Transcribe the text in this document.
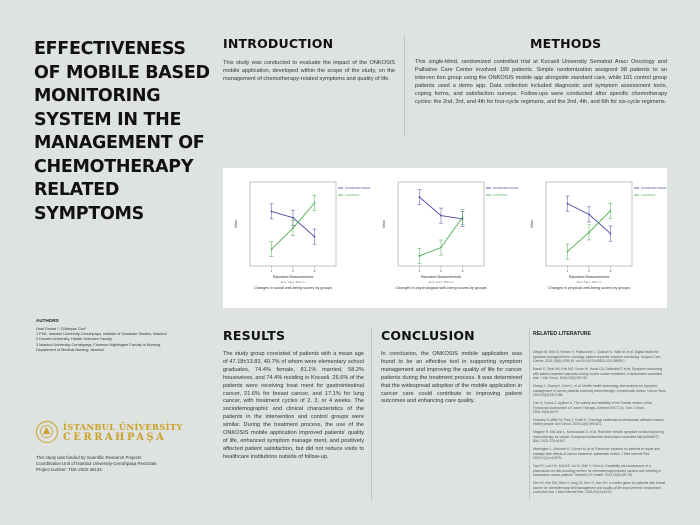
EFFECTIVENESS
OF MOBILE BASED
MONITORING
SYSTEM IN THE
MANAGEMENT OF
CHEMOTHERAPY
RELATED
SYMPTOMS
AUTHORS
Ünal Onural ¹, Gülbeyaz Can²
1 PhD, İstanbul University-Cerrahpaşa, Institute of Graduate Studies, İstanbul
2 Kocaeli University, Health Sciences Faculty
3 İstanbul University-Cerrahpaşa, Florence Nightingale Faculty of Nursing,
Department of Medical Nursing, İstanbul
İSTANBUL ÜNİVERSİTY
CERRAHPAŞA
This study was funded by Scientific Research Projects
Coordination Unit of İstanbul University-Cerrahpaşa Rectorate
Project number: TDK-2022-36134
INTRODUCTION
This study was conducted to evaluate the impact of the ONKOSIS mobile application, developed within the scope of the study, on the management of chemotherapy-related symptoms and quality of life.
METHODS
This single-blind, randomized controlled trial at Kocaeli University Semahat Aracı Oncology and Palliative Care Center involved 199 patients. Simple randomization assigned 98 patients to an interven tion group using the ONKOSIS mobile app alongside standard care, while 101 control group patients used a demo app. Data collection included diagnostic and symptom assessment tools, coping forms, and satisfaction surveys. Follow-ups were conducted after specific chemotherapy cycles: the 2nd, 3rd, and 4th for four-cycle regimens, and the 2nd, 4th, and 6th for six-cycle regimens.
Mean
1	2	3
INTERVENTIONAL
CONTROL
Repeated Measurements
Error bars: 95% CI
Changes in social well-being scores by groups
Mean
1	2	3
INTERVENTIONAL
CONTROL
Repeated Measurements
Error bars: 95% CI
Changes in psychological well-being scores by groups
Mean
1	2	3
INTERVENTIONAL
CONTROL
Repeated Measurements
Error bars: 95% CI
Changes in physical well-being scores by groups
RESULTS
The study group consisted of patients with a mean age of 47.18±13.83, 40.7% of whom were elementary school graduates, 74.4% female, 81.1% married, 58.2% housewives, and 74.4% residing in Kocaeli. 26.6% of the patients were receiving treat ment for gastrointestinal cancer, 21.6% for breast cancer, and 17.1% for lung cancer, with treatment cycles of 2, 3, or 4 weeks. The sociodemographic and clinical characteristics of the patients in the intervention and control groups were similar. During the treatment process, the use of the ONKOSIS mobile application improved patients' quality of life, enhanced symptom manage ment, and positively affected patient satisfaction, but did not reduce visits to healthcare institutions outside of follow-up.
CONCLUSION
In conclusion, the ONKOSIS mobile application was found to be an effective tool in supporting symptom management and improving the quality of life for cancer patients during the treatment process. It was determined that the widespread adoption of the mobile application in cancer care could contribute to improving patient outcomes and enhancing care quality.
RELATED LITERATURE
Allegra M, Brixi N, Ferraro V, Pasticcione L, Quaroni D, Valle M, et al. Digital health for symptom management in oncology: patient-reported outcome monitoring. Support Care Cancer. 2021;29(8):4339-49. doi:10.1007/s00520-020-05998-1.
Basch E, Deal AM, Kris MG, Scher HI, Hudis CA, Sabbatini P, et al. Symptom monitoring with patient-reported outcomes during routine cancer treatment: a randomized controlled trial. J Clin Oncol. 2016;34(6):557-65.
Zhang X, Zhang H, Chen L, et al. Mobile health technology interventions for symptom management in cancer patients receiving chemotherapy: a systematic review. Cancer Nurs. 2022;45(3):E674-88.
Can G, Durna Z, Aydiner A. The validity and reliability of the Turkish version of the Functional Assessment of Cancer Therapy–General (FACT-G). Turk J Oncol. 2004;19(3):89-97.
Kearney N, Miller M, Paul J, Smith K. Oncology healthcare professionals' attitudes toward elderly people. Ann Oncol. 2000;11(5):599-601.
Maguire R, McCann L, Kotronoulas G, et al. Real time remote symptom monitoring during chemotherapy for cancer: European multicentre randomised controlled trial (eSMART). BMJ. 2021;374:n1647.
Warrington L, Absolom K, Conner M, et al. Electronic systems for patients to report and manage side effects of cancer treatment: systematic review. J Med Internet Res. 2019;21(1):e10875.
Yap KY, Low HX, Koh KS, Un M, Shih V, Chan A. Feasibility and acceptance of a pharmacist-run tele-oncology service for chemotherapy-induced nausea and vomiting in ambulatory cancer patients. Telemed J E Health. 2013;19(5):387-95.
Kim HJ, Kim SM, Shin H, Jang JS, Kim YI, Han DH. A mobile game for patients with breast cancer for chemotherapy self-management and quality-of-life improvement: randomized controlled trial. J Med Internet Res. 2018;20(10):e273.
